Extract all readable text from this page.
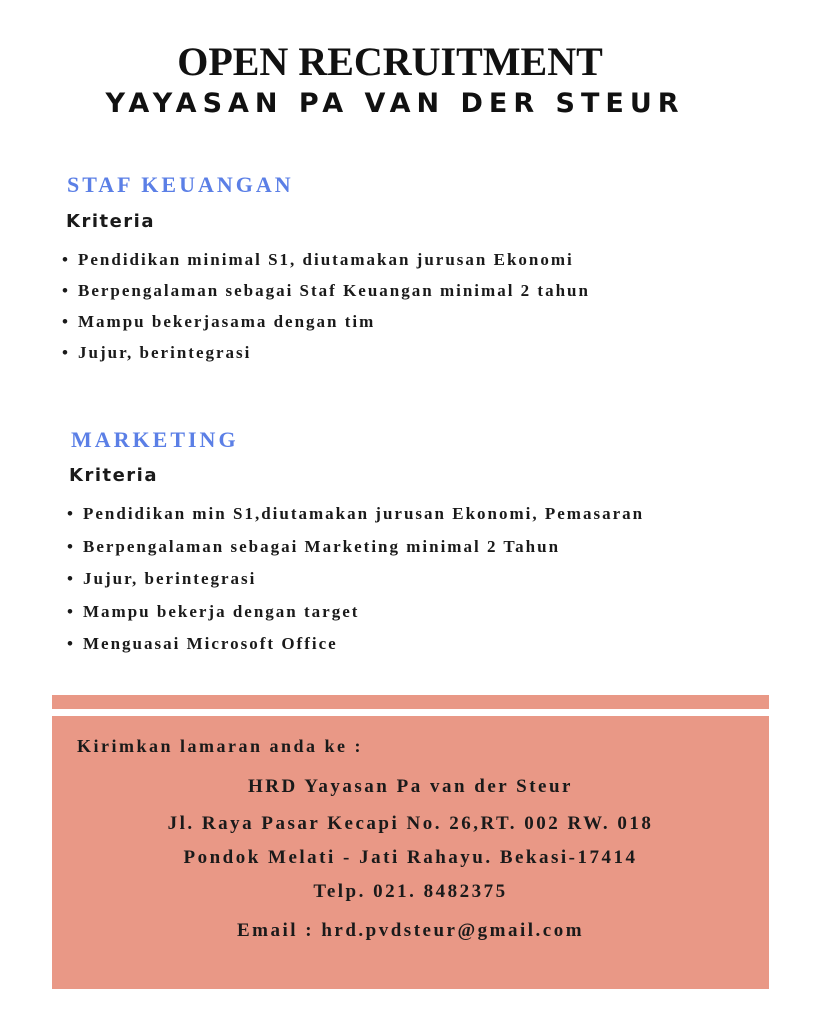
OPEN RECRUITMENT
YAYASAN PA VAN DER STEUR
STAF KEUANGAN
Kriteria
• Pendidikan minimal S1, diutamakan jurusan Ekonomi
• Berpengalaman sebagai Staf Keuangan minimal 2 tahun
• Mampu bekerjasama dengan tim
• Jujur, berintegrasi
MARKETING
Kriteria
• Pendidikan min S1,diutamakan jurusan Ekonomi, Pemasaran
• Berpengalaman sebagai Marketing minimal 2 Tahun
• Jujur, berintegrasi
• Mampu bekerja dengan target
• Menguasai Microsoft Office
Kirimkan lamaran anda ke :
HRD Yayasan Pa van der Steur
Jl. Raya Pasar Kecapi No. 26,RT. 002 RW. 018
Pondok Melati - Jati Rahayu. Bekasi-17414
Telp. 021. 8482375
Email : hrd.pvdsteur@gmail.com
